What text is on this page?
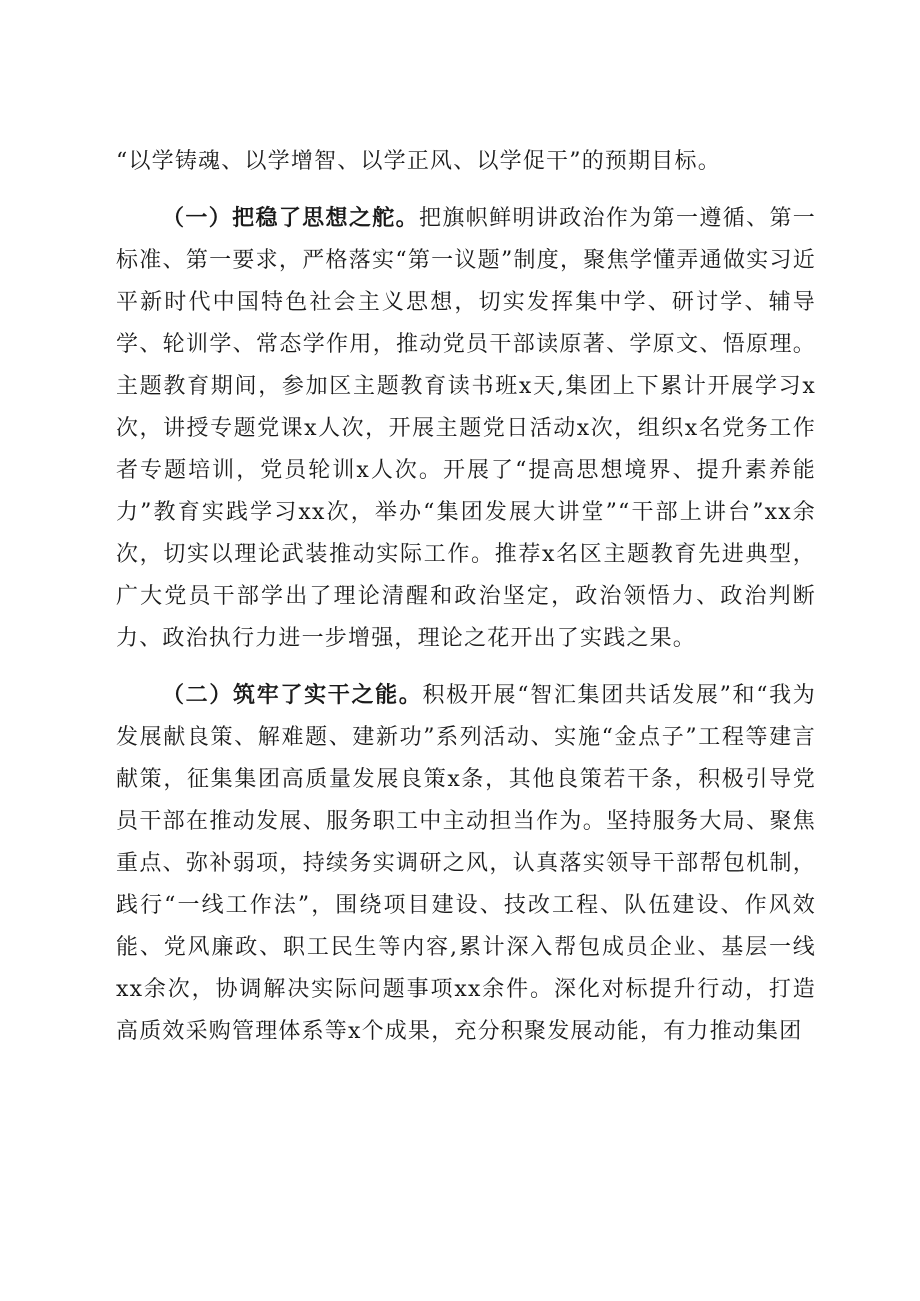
“以学铸魂、以学增智、以学正风、以学促干”的预期目标。

（一）把稳了思想之舵。把旗帜鲜明讲政治作为第一遵循、第一标准、第一要求，严格落实“第一议题”制度，聚焦学懂弄通做实习近平新时代中国特色社会主义思想，切实发挥集中学、研讨学、辅导学、轮训学、常态学作用，推动党员干部读原著、学原文、悟原理。主题教育期间，参加区主题教育读书班x天,集团上下累计开展学习x次，讲授专题党课x人次，开展主题党日活动x次，组织x名党务工作者专题培训，党员轮训x人次。开展了“提高思想境界、提升素养能力”教育实践学习xx次，举办“集团发展大讲堂”“干部上讲台”xx余次，切实以理论武装推动实际工作。推荐x名区主题教育先进典型，广大党员干部学出了理论清醒和政治坚定，政治领悟力、政治判断力、政治执行力进一步增强，理论之花开出了实践之果。

（二）筑牢了实干之能。积极开展“智汇集团共话发展”和“我为发展献良策、解难题、建新功”系列活动、实施“金点子”工程等建言献策，征集集团高质量发展良策x条，其他良策若干条，积极引导党员干部在推动发展、服务职工中主动担当作为。坚持服务大局、聚焦重点、弥补弱项，持续务实调研之风，认真落实领导干部帮包机制，践行“一线工作法”，围绕项目建设、技改工程、队伍建设、作风效能、党风廉政、职工民生等内容,累计深入帮包成员企业、基层一线xx余次，协调解决实际问题事项xx余件。深化对标提升行动，打造高质效采购管理体系等x个成果，充分积聚发展动能，有力推动集团
